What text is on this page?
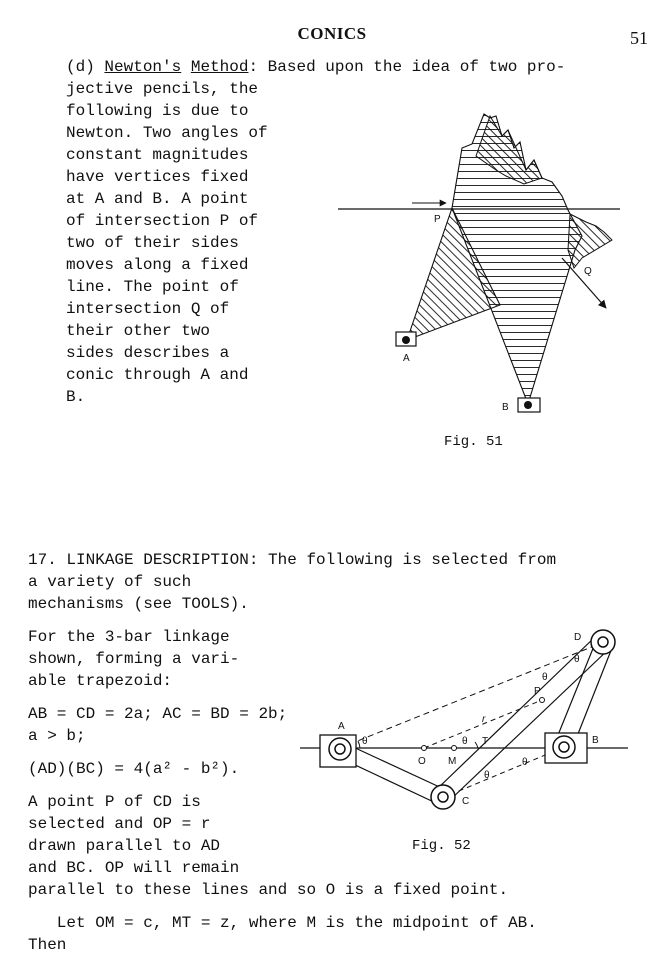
CONICS	51
(d) Newton's Method: Based upon the idea of two pro-
jective pencils, the
following is due to
Newton. Two angles of
constant magnitudes
have vertices fixed
at A and B. A point
of intersection P of
two of their sides
moves along a fixed
line. The point of
intersection Q of
their other two
sides describes a
conic through A and
B.
P
Q
A
B
Fig. 51
17. LINKAGE DESCRIPTION: The following is selected from
a variety of such
mechanisms (see TOOLS).
For the 3-bar linkage
shown, forming a vari-
able trapezoid:
AB = CD = 2a; AC = BD = 2b;
a > b;
(AD)(BC) = 4(a² - b²).
A point P of CD is
selected and OP = r
drawn parallel to AD
and BC. OP will remain
parallel to these lines and so O is a fixed point.
Let OM = c, MT = z, where M is the midpoint of AB.
Then
A
B
C
D
O M
T
P
r
θ	θ
θ
θ
θ
θ
Fig. 52
